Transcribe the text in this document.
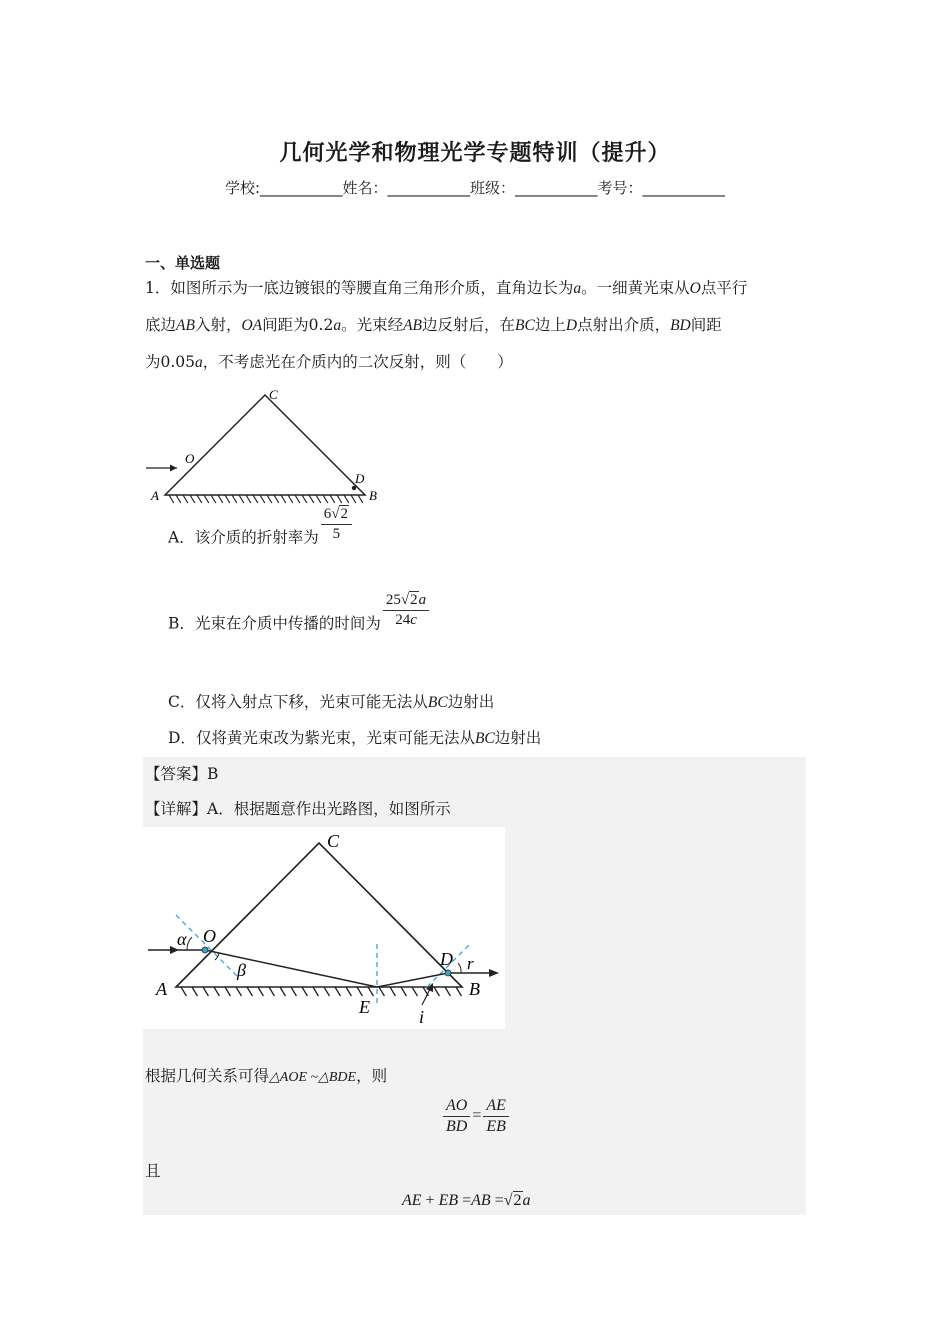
几何光学和物理光学专题特训（提升）
学校:___________姓名：___________班级：___________考号：___________
一、单选题
1．如图所示为一底边镀银的等腰直角三角形介质，直角边长为a。一细黄光束从O点平行
底边AB入射，OA间距为0.2a。光束经AB边反射后，在BC边上D点射出介质，BD间距
为0.05a，不考虑光在介质内的二次反射，则（　　）
A	B
C
O
D
A．该介质的折射率为 $\frac{6√2}{5}$
B．光束在介质中传播的时间为 $\frac{25√2a}{24c}$
C．仅将入射点下移，光束可能无法从BC边射出
D．仅将黄光束改为紫光束，光束可能无法从BC边射出
【答案】B
【详解】A．根据题意作出光路图，如图所示
A	B
C
O
D
E
α
β	r
i
根据几何关系可得△AOE ~△BDE，则
$\frac{AO}{BD} = \frac{AE}{EB}$
且
AE + EB =AB =√2a
